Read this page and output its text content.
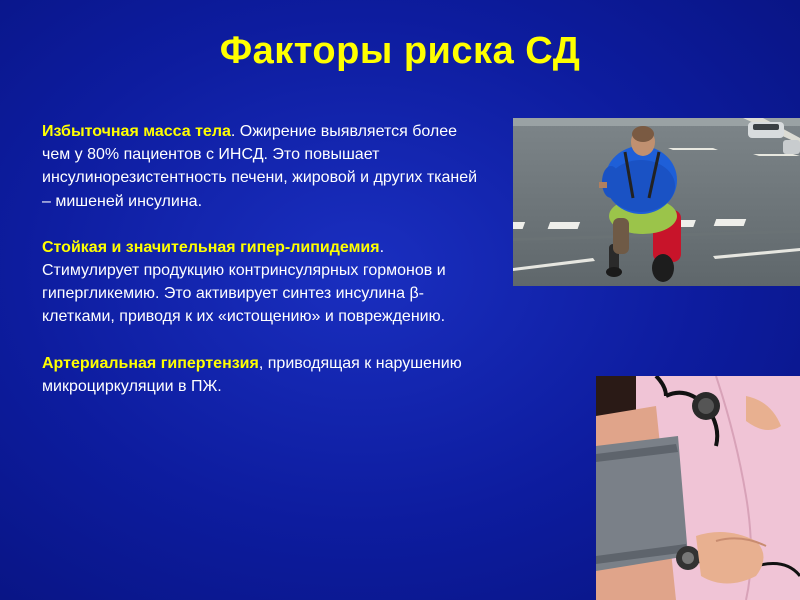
Факторы риска СД

Избыточная масса тела. Ожирение выявляется более чем у 80% пациентов с ИНСД. Это повышает инсулинорезистентность печени, жировой и других тканей – мишеней инсулина.

Стойкая и значительная гипер-липидемия. Стимулирует продукцию контринсулярных гормонов и гипергликемию. Это активирует синтез инсулина β-клетками, приводя к их «истощению» и повреждению.

Артериальная гипертензия, приводящая к нарушению микроциркуляции в ПЖ.
